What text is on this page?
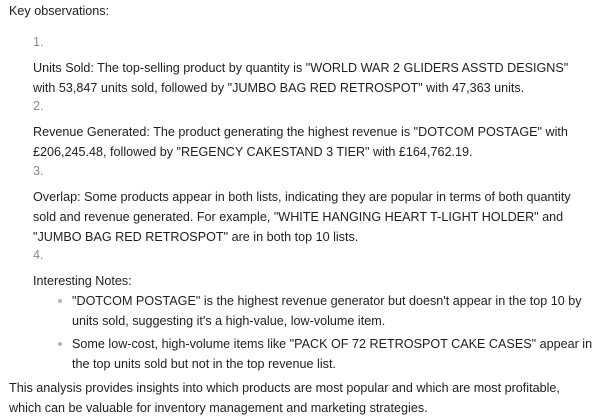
Key observations:

1.
Units Sold: The top-selling product by quantity is "WORLD WAR 2 GLIDERS ASSTD DESIGNS" with 53,847 units sold, followed by "JUMBO BAG RED RETROSPOT" with 47,363 units.
2.
Revenue Generated: The product generating the highest revenue is "DOTCOM POSTAGE" with £206,245.48, followed by "REGENCY CAKESTAND 3 TIER" with £164,762.19.
3.
Overlap: Some products appear in both lists, indicating they are popular in terms of both quantity sold and revenue generated. For example, "WHITE HANGING HEART T-LIGHT HOLDER" and "JUMBO BAG RED RETROSPOT" are in both top 10 lists.
4.
Interesting Notes:
"DOTCOM POSTAGE" is the highest revenue generator but doesn't appear in the top 10 by units sold, suggesting it's a high-value, low-volume item.
Some low-cost, high-volume items like "PACK OF 72 RETROSPOT CAKE CASES" appear in the top units sold but not in the top revenue list.

This analysis provides insights into which products are most popular and which are most profitable, which can be valuable for inventory management and marketing strategies.
